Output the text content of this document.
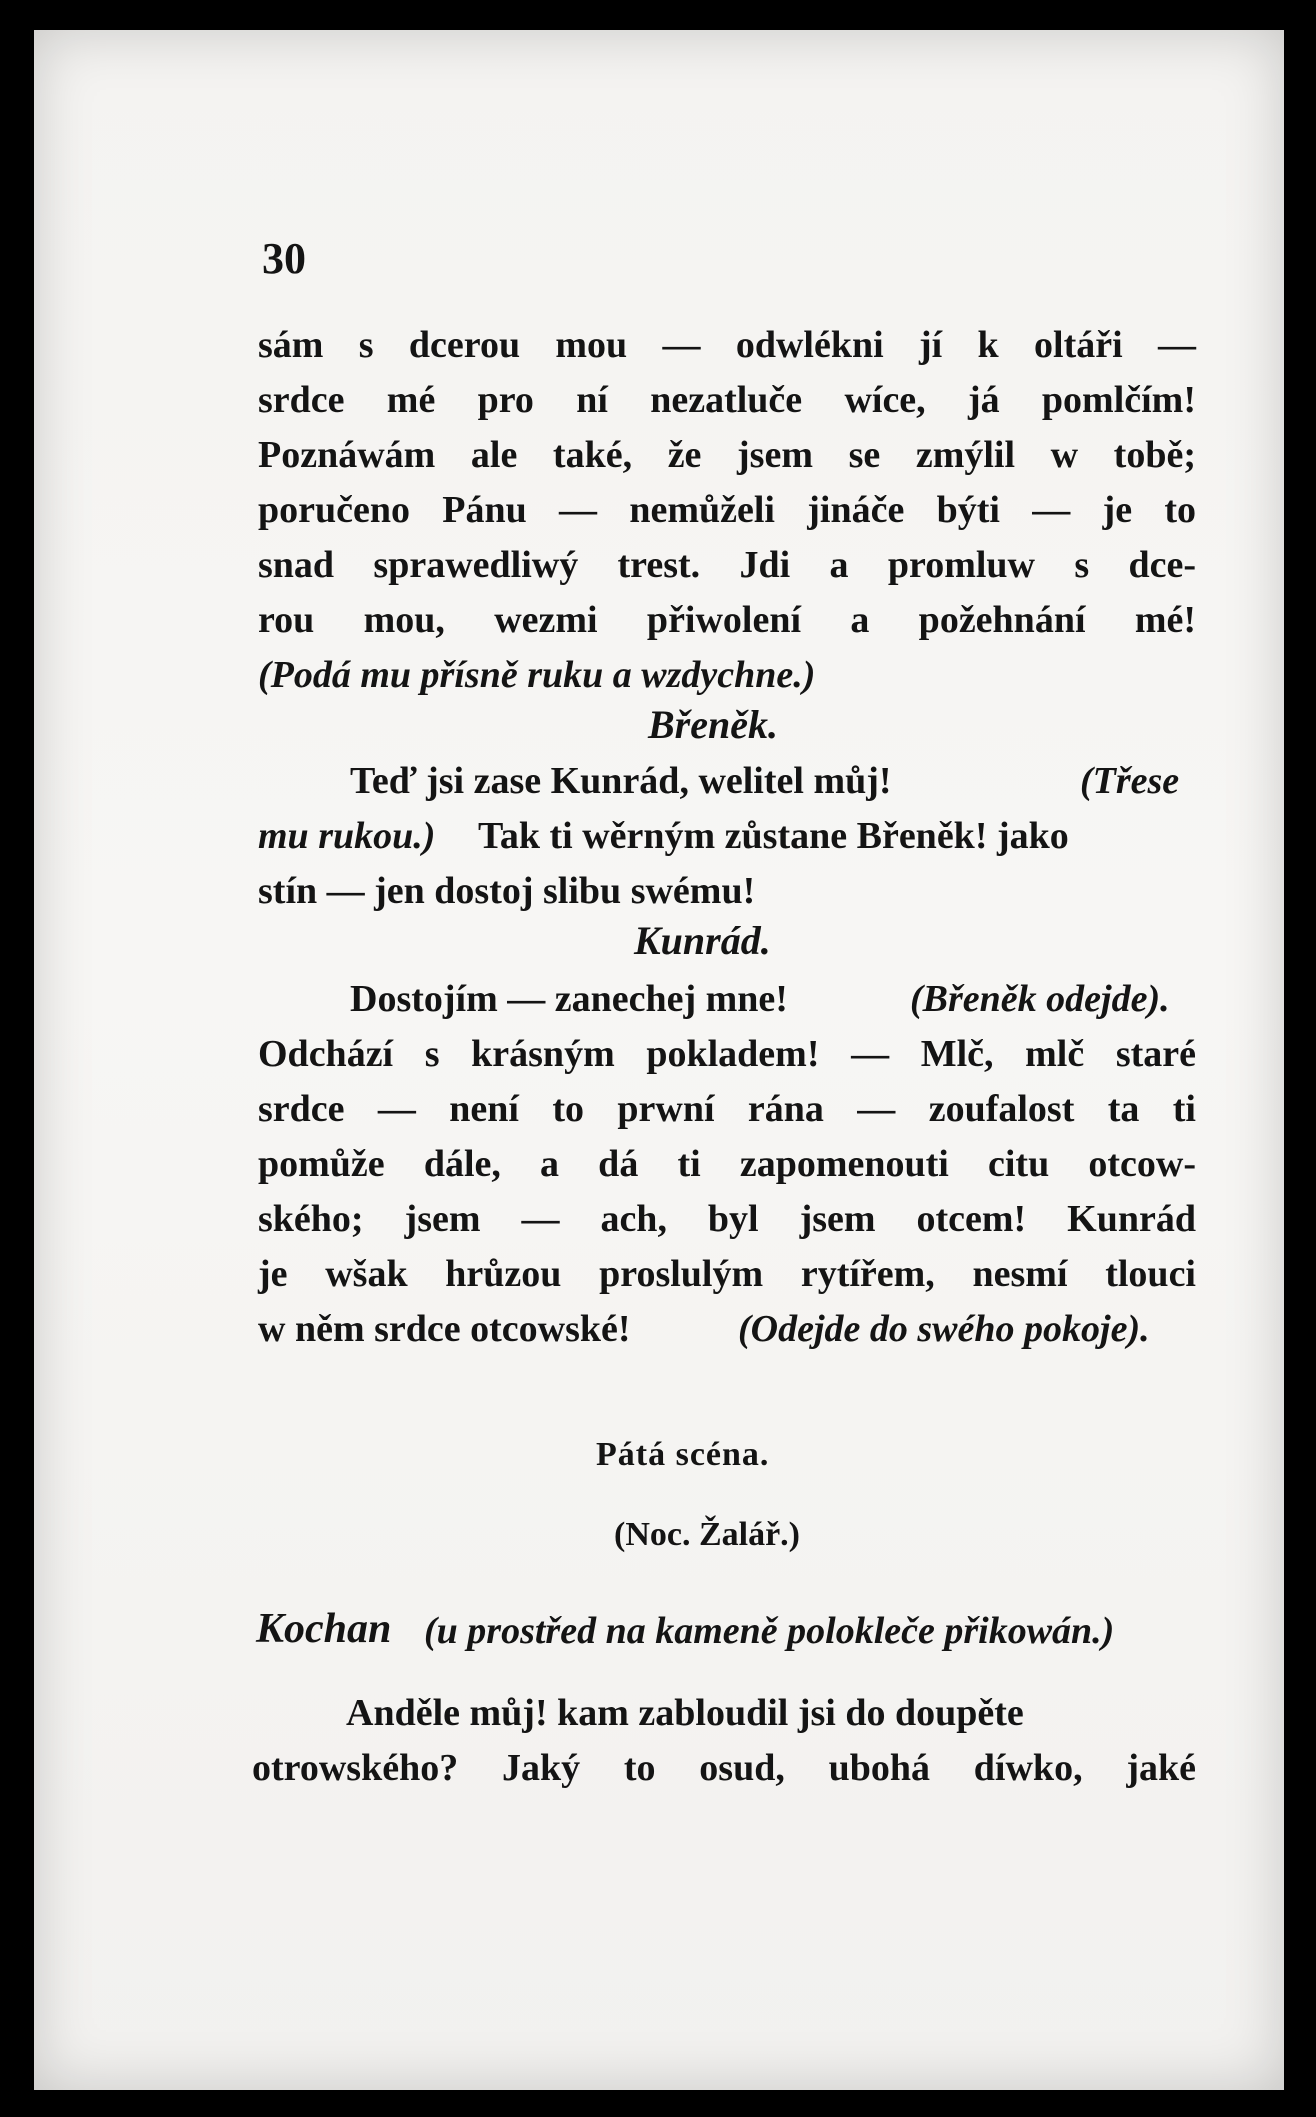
30
sám s dcerou mou — odwlékni jí k oltáři —
srdce mé pro ní nezatluče wíce, já pomlčím!
Poznáwám ale také, že jsem se zmýlil w tobě;
poručeno Pánu — nemůželi jináče býti — je to
snad sprawedliwý trest. Jdi a promluw s dce-
rou mou, wezmi přiwolení a požehnání mé!
(Podá mu přísně ruku a wzdychne.)
Břeněk.
Teď jsi zase Kunrád, welitel můj!	(Třese
mu rukou.) Tak ti wěrným zůstane Břeněk! jako
stín — jen dostoj slibu swému!
Kunrád.
Dostojím — zanechej mne!	(Břeněk odejde).
Odchází s krásným pokladem! — Mlč, mlč staré
srdce — není to prwní rána — zoufalost ta ti
pomůže dále, a dá ti zapomenouti citu otcow-
ského; jsem — ach, byl jsem otcem! Kunrád
je wšak hrůzou proslulým rytířem, nesmí tlouci
w něm srdce otcowské!	(Odejde do swého pokoje).
Pátá scéna.
(Noc. Žalář.)
Kochan (u prostřed na kameně polokleče přikowán.)
Anděle můj! kam zabloudil jsi do doupěte
otrowského? Jaký to osud, ubohá díwko, jaké
